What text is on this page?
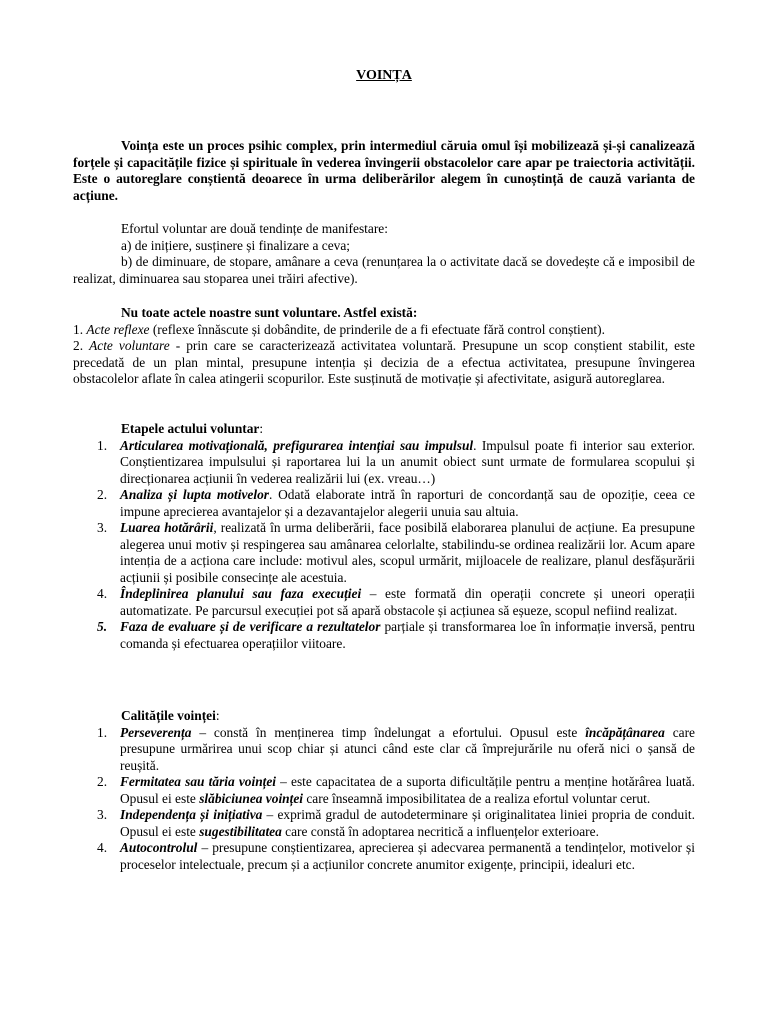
VOINȚA
Voința este un proces psihic complex, prin intermediul căruia omul își mobilizează și-și canalizează forțele și capacitățile fizice și spirituale în vederea învingerii obstacolelor care apar pe traiectoria activității. Este o autoreglare conștientă deoarece în urma deliberărilor alegem în cunoștință de cauză varianta de acțiune.

Efortul voluntar are două tendințe de manifestare:

a) de inițiere, susținere și finalizare a ceva;

b) de diminuare, de stopare, amânare a ceva (renunțarea la o activitate dacă se dovedește că e imposibil de realizat, diminuarea sau stoparea unei trăiri afective).

Nu toate actele noastre sunt voluntare. Astfel există:

1. Acte reflexe (reflexe înnăscute și dobândite, de prinderile de a fi efectuate fără control conștient).

2. Acte voluntare - prin care se caracterizează activitatea voluntară. Presupune un scop conștient stabilit, este precedată de un plan mintal, presupune intenția și decizia de a efectua activitatea, presupune învingerea obstacolelor aflate în calea atingerii scopurilor. Este susținută de motivație și afectivitate, asigură autoreglarea.

Etapele actului voluntar:

1. Articularea motivațională, prefigurarea intențiai sau impulsul. Impulsul poate fi interior sau exterior. Conștientizarea impulsului și raportarea lui la un anumit obiect sunt urmate de formularea scopului și direcționarea acțiunii în vederea realizării lui (ex. vreau…)
2. Analiza și lupta motivelor. Odată elaborate intră în raporturi de concordanță sau de opoziție, ceea ce impune aprecierea avantajelor și a dezavantajelor alegerii unuia sau altuia.
3. Luarea hotărârii, realizată în urma deliberării, face posibilă elaborarea planului de acțiune. Ea presupune alegerea unui motiv și respingerea sau amânarea celorlalte, stabilindu-se ordinea realizării lor. Acum apare intenția de a acționa care include: motivul ales, scopul urmărit, mijloacele de realizare, planul desfășurării acțiunii și posibile consecințe ale acestuia.
4. Îndeplinirea planului sau faza execuției – este formată din operații concrete și uneori operații automatizate. Pe parcursul execuției pot să apară obstacole și acțiunea să eșueze, scopul nefiind realizat.
5. Faza de evaluare și de verificare a rezultatelor parțiale și transformarea loe în informație inversă, pentru comanda și efectuarea operațiilor viitoare.

Calitățile voinței:

1. Perseverența – constă în menținerea timp îndelungat a efortului. Opusul este încăpățânarea care presupune urmărirea unui scop chiar și atunci când este clar că împrejurările nu oferă nici o șansă de reușită.
2. Fermitatea sau tăria voinței – este capacitatea de a suporta dificultățile pentru a menține hotărârea luată. Opusul ei este slăbiciunea voinței care înseamnă imposibilitatea de a realiza efortul voluntar cerut.
3. Independența și inițiativa – exprimă gradul de autodeterminare și originalitatea liniei propria de conduit. Opusul ei este sugestibilitatea care constă în adoptarea necritică a influențelor exterioare.
4. Autocontrolul – presupune conștientizarea, aprecierea și adecvarea permanentă a tendințelor, motivelor și proceselor intelectuale, precum și a acțiunilor concrete anumitor exigențe, principii, idealuri etc.
